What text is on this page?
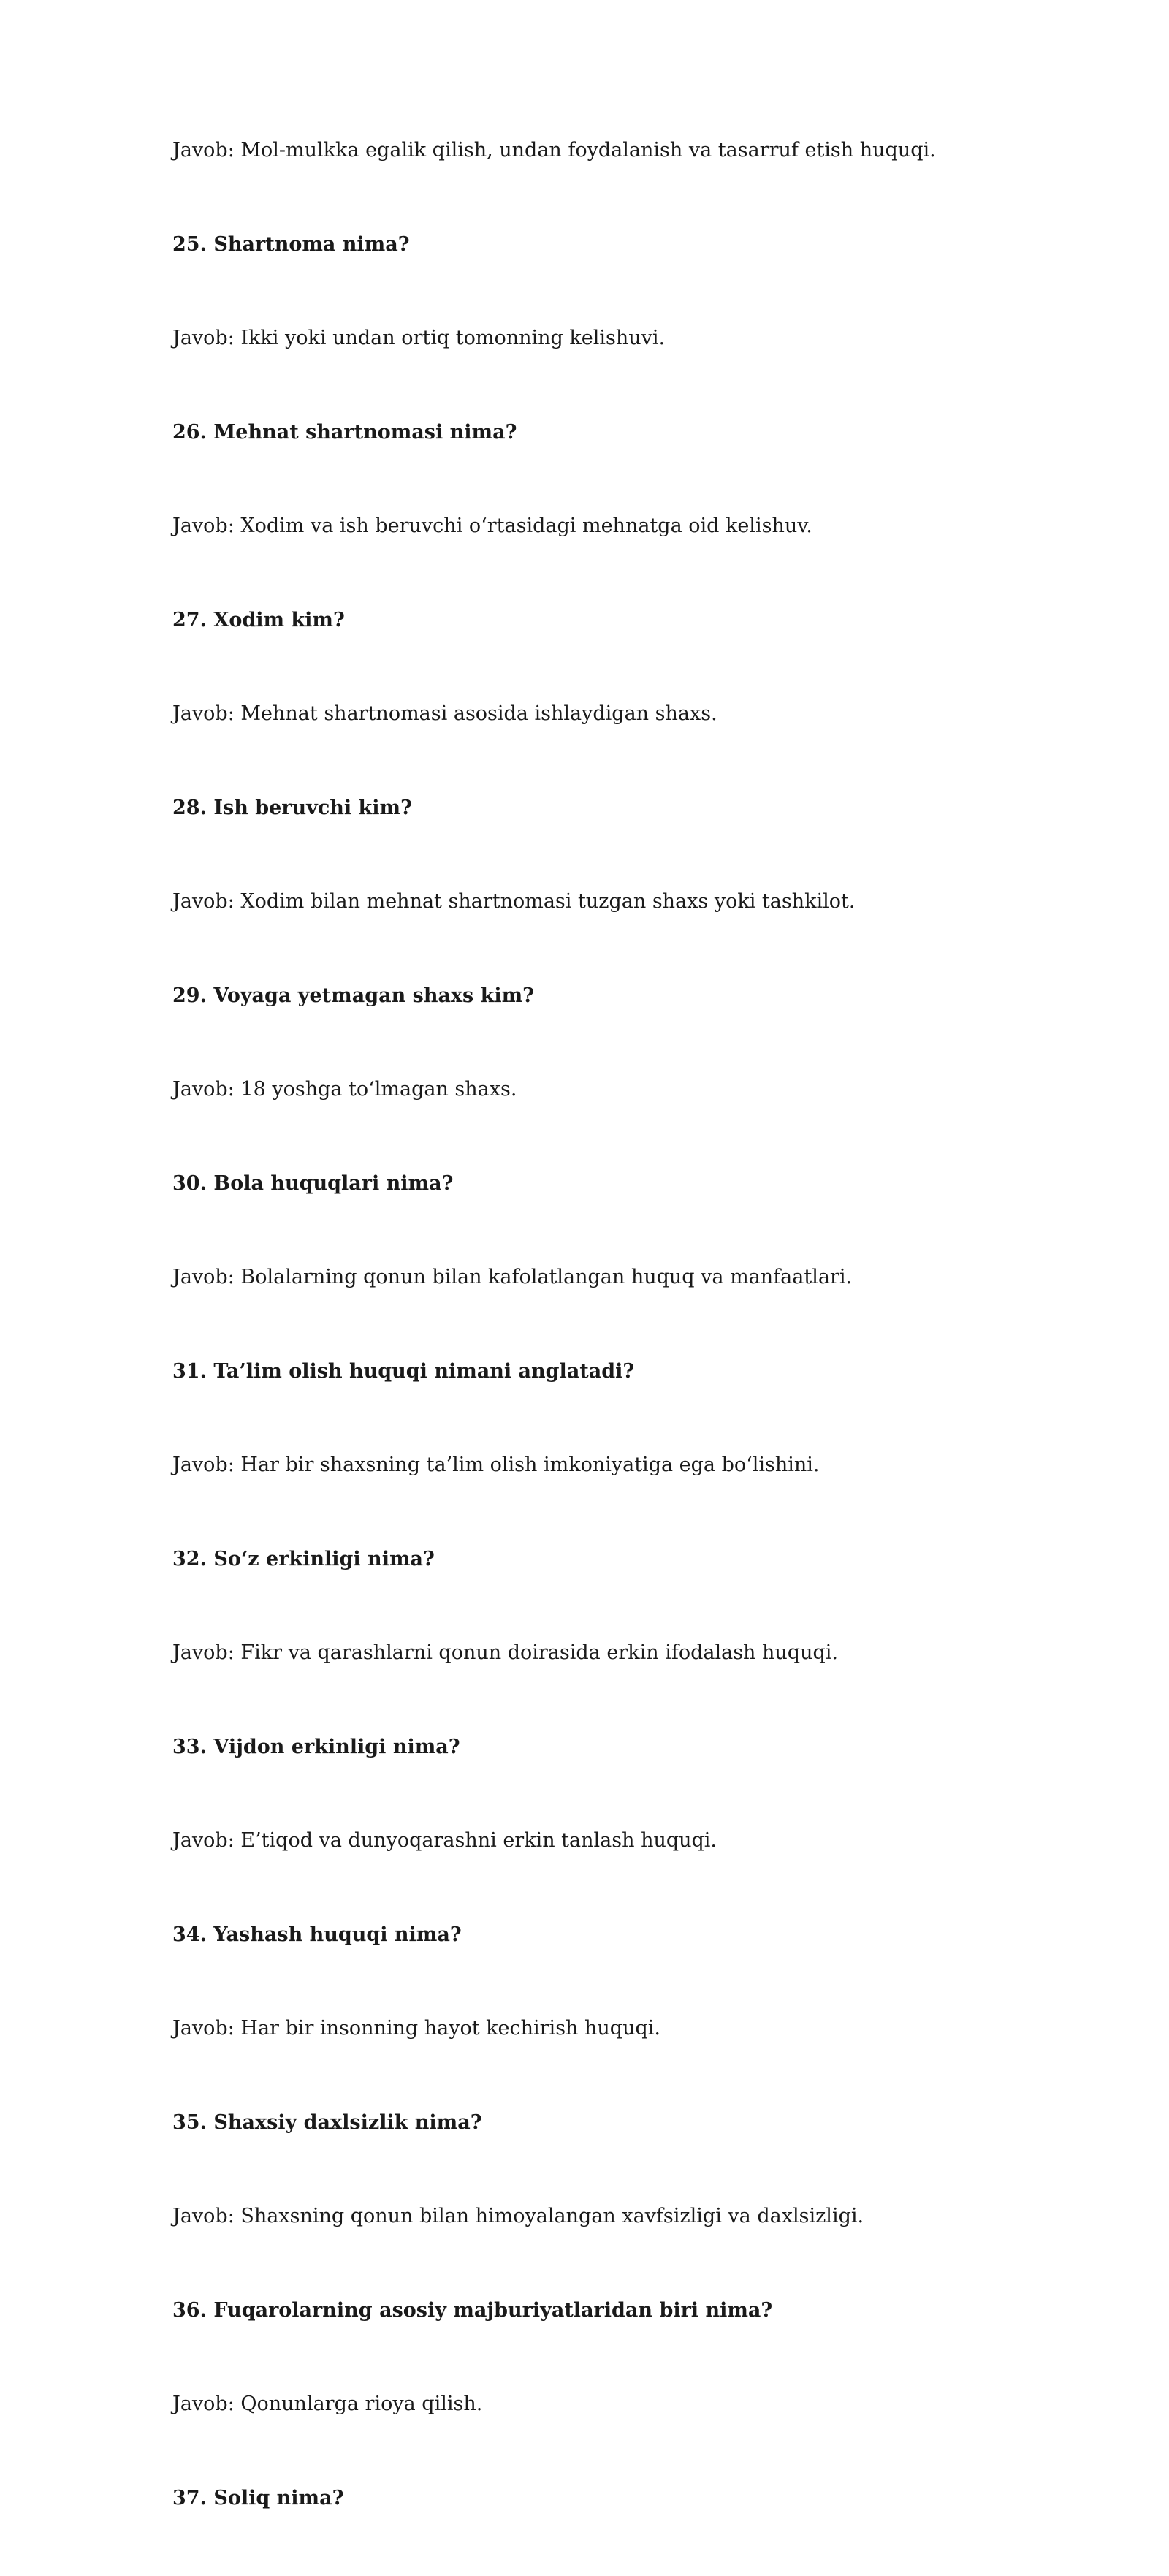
Javob: Mol-mulkka egalik qilish, undan foydalanish va tasarruf etish huquqi.

25. Shartnoma nima?

Javob: Ikki yoki undan ortiq tomonning kelishuvi.

26. Mehnat shartnomasi nima?

Javob: Xodim va ish beruvchi o‘rtasidagi mehnatga oid kelishuv.

27. Xodim kim?

Javob: Mehnat shartnomasi asosida ishlaydigan shaxs.

28. Ish beruvchi kim?

Javob: Xodim bilan mehnat shartnomasi tuzgan shaxs yoki tashkilot.

29. Voyaga yetmagan shaxs kim?

Javob: 18 yoshga to‘lmagan shaxs.

30. Bola huquqlari nima?

Javob: Bolalarning qonun bilan kafolatlangan huquq va manfaatlari.

31. Ta’lim olish huquqi nimani anglatadi?

Javob: Har bir shaxsning ta’lim olish imkoniyatiga ega bo‘lishini.

32. So‘z erkinligi nima?

Javob: Fikr va qarashlarni qonun doirasida erkin ifodalash huquqi.

33. Vijdon erkinligi nima?

Javob: E’tiqod va dunyoqarashni erkin tanlash huquqi.

34. Yashash huquqi nima?

Javob: Har bir insonning hayot kechirish huquqi.

35. Shaxsiy daxlsizlik nima?

Javob: Shaxsning qonun bilan himoyalangan xavfsizligi va daxlsizligi.

36. Fuqarolarning asosiy majburiyatlaridan biri nima?

Javob: Qonunlarga rioya qilish.

37. Soliq nima?
